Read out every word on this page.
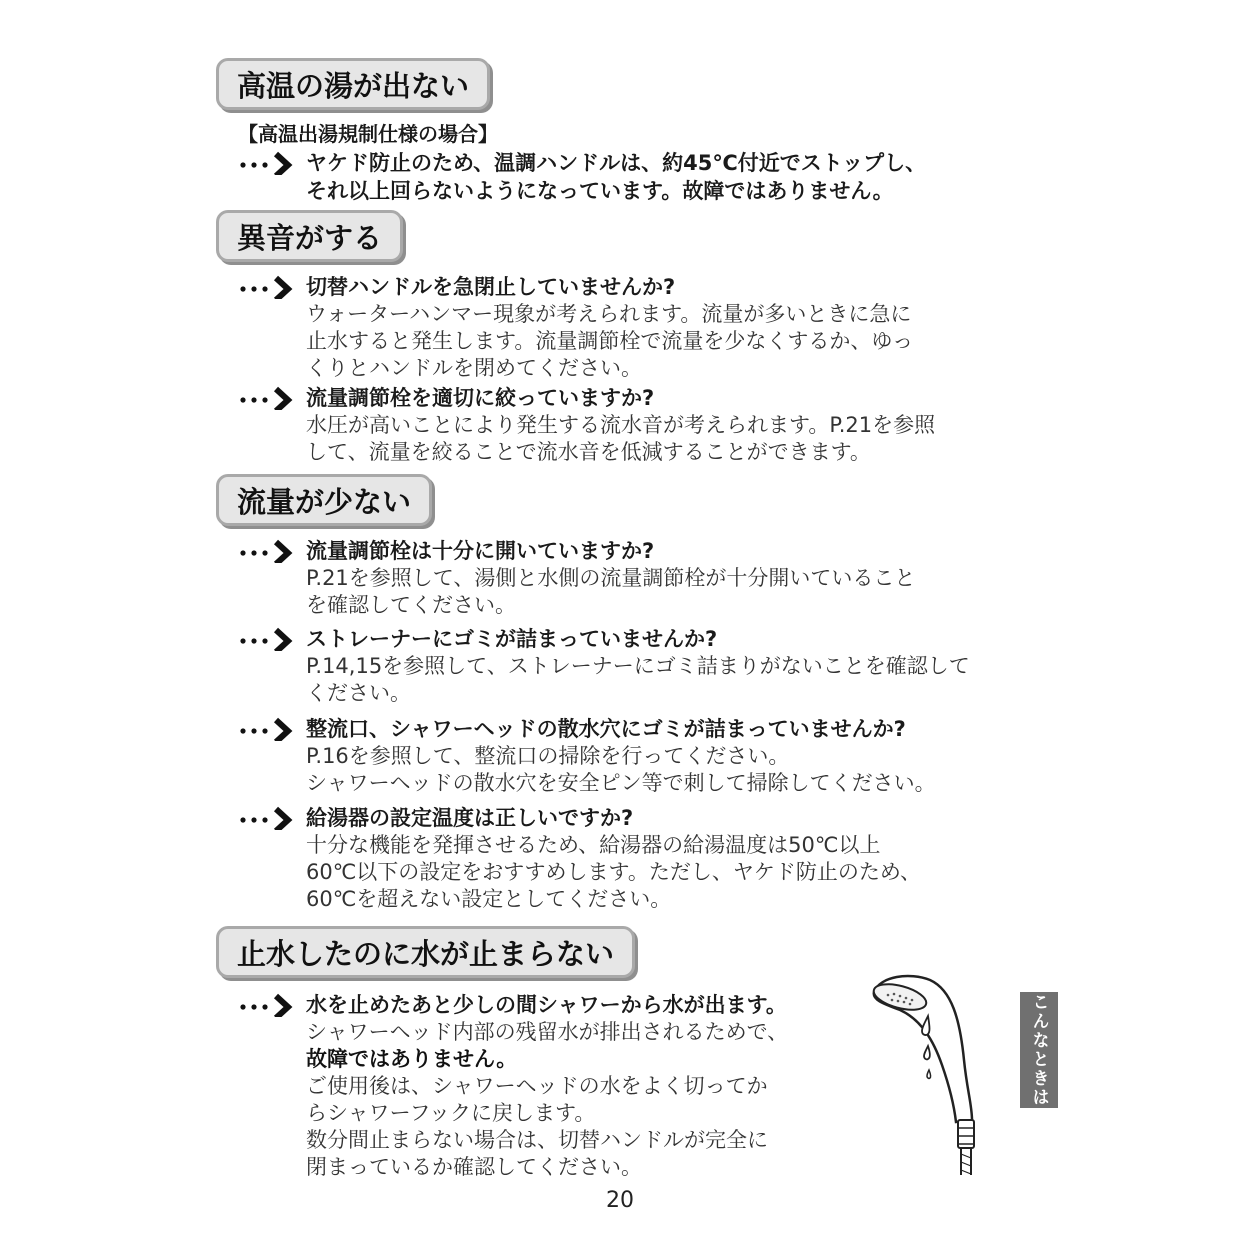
高温の湯が出ない
【高温出湯規制仕様の場合】
ヤケド防止のため、温調ハンドルは、約45℃付近でストップし、
それ以上回らないようになっています。故障ではありません。
異音がする
切替ハンドルを急閉止していませんか?
ウォーターハンマー現象が考えられます。流量が多いときに急に
止水すると発生します。流量調節栓で流量を少なくするか、ゆっ
くりとハンドルを閉めてください。
流量調節栓を適切に絞っていますか?
水圧が高いことにより発生する流水音が考えられます。P.21を参照
して、流量を絞ることで流水音を低減することができます。
流量が少ない
流量調節栓は十分に開いていますか?
P.21を参照して、湯側と水側の流量調節栓が十分開いていること
を確認してください。
ストレーナーにゴミが詰まっていませんか?
P.14,15を参照して、ストレーナーにゴミ詰まりがないことを確認して
ください。
整流口、シャワーヘッドの散水穴にゴミが詰まっていませんか?
P.16を参照して、整流口の掃除を行ってください。
シャワーヘッドの散水穴を安全ピン等で刺して掃除してください。
給湯器の設定温度は正しいですか?
十分な機能を発揮させるため、給湯器の給湯温度は50℃以上
60℃以下の設定をおすすめします。ただし、ヤケド防止のため、
60℃を超えない設定としてください。
止水したのに水が止まらない
水を止めたあと少しの間シャワーから水が出ます。
シャワーヘッド内部の残留水が排出されるためで、
故障ではありません。
ご使用後は、シャワーヘッドの水をよく切ってか
らシャワーフックに戻します。
数分間止まらない場合は、切替ハンドルが完全に
閉まっているか確認してください。
こんなときは
20
